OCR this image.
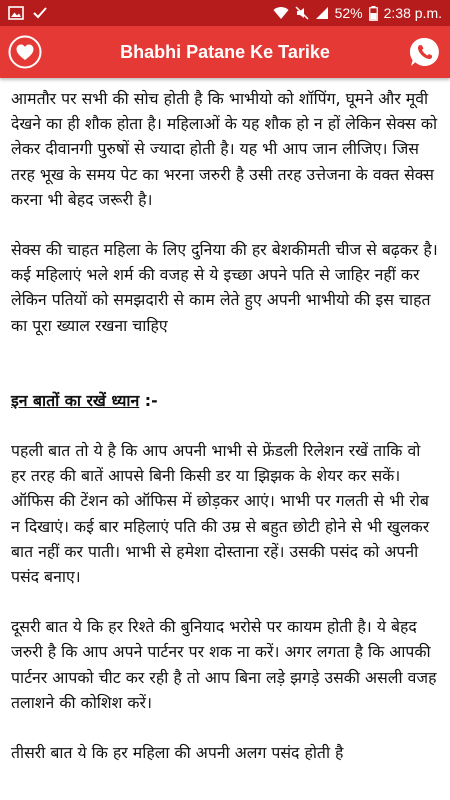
52% 2:38 p.m.
Bhabhi Patane Ke Tarike

आमतौर पर सभी की सोच होती है कि भाभीयो को शॉपिंग, घूमने और मूवी देखने का ही शौक होता है। महिलाओं के यह शौक हो न हों लेकिन सेक्स को लेकर दीवानगी पुरुषों से ज्यादा होती है। यह भी आप जान लीजिए। जिस तरह भूख के समय पेट का भरना जरुरी है उसी तरह उत्तेजना के वक्त सेक्स करना भी बेहद जरूरी है।

सेक्स की चाहत महिला के लिए दुनिया की हर बेशकीमती चीज से बढ़कर है। कई महिलाएं भले शर्म की वजह से ये इच्छा अपने पति से जाहिर नहीं कर लेकिन पतियों को समझदारी से काम लेते हुए अपनी भाभीयो की इस चाहत का पूरा ख्याल रखना चाहिए

इन बातों का रखें ध्यान :-

पहली बात तो ये है कि आप अपनी भाभी से फ्रेंडली रिलेशन रखें ताकि वो हर तरह की बातें आपसे बिनी किसी डर या झिझक के शेयर कर सकें। ऑफिस की टेंशन को ऑफिस में छोड़कर आएं। भाभी पर गलती से भी रोब न दिखाएं। कई बार महिलाएं पति की उम्र से बहुत छोटी होने से भी खुलकर बात नहीं कर पाती। भाभी से हमेशा दोस्ताना रहें। उसकी पसंद को अपनी पसंद बनाए।

दूसरी बात ये कि हर रिश्ते की बुनियाद भरोसे पर कायम होती है। ये बेहद जरुरी है कि आप अपने पार्टनर पर शक ना करें। अगर लगता है कि आपकी पार्टनर आपको चीट कर रही है तो आप बिना लड़े झगड़े उसकी असली वजह तलाशने की कोशिश करें।

तीसरी बात ये कि हर महिला की अपनी अलग पसंद होती है
